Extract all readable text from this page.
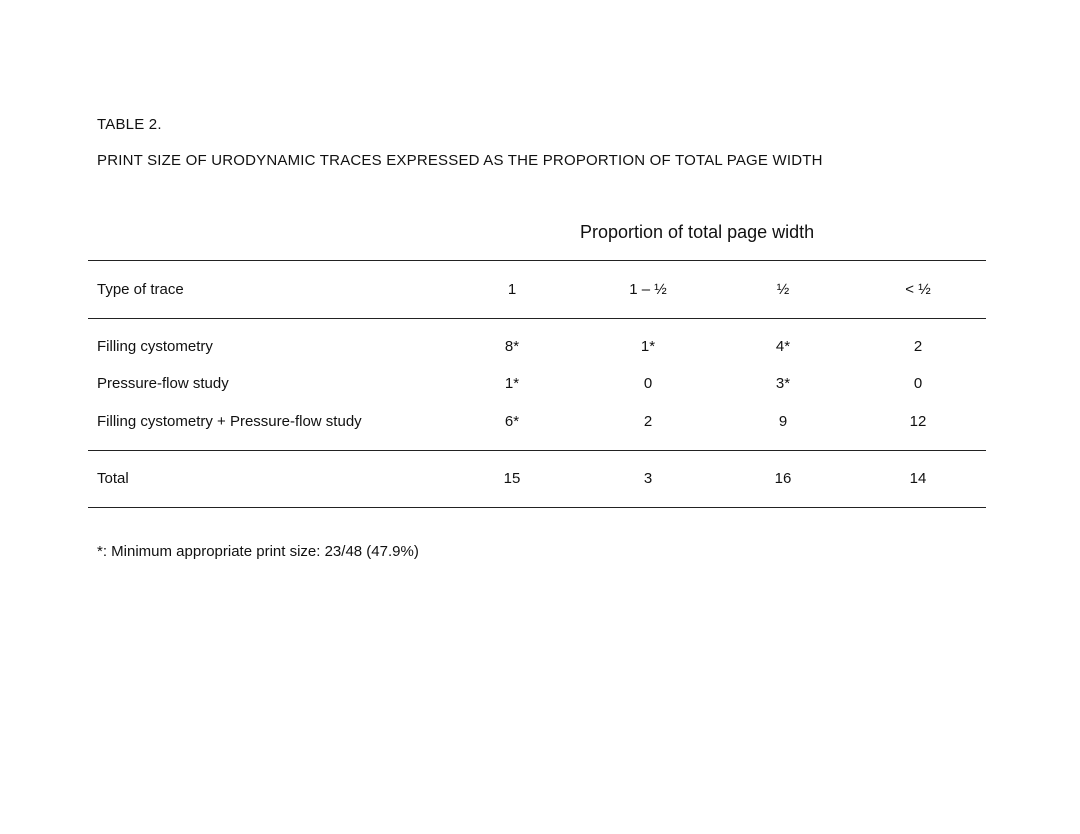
TABLE 2.
PRINT SIZE OF URODYNAMIC TRACES EXPRESSED AS THE PROPORTION OF TOTAL PAGE WIDTH
Proportion of total page width
Type of trace	1	1 – ½	½	< ½
Filling cystometry	8*	1*	4*	2
Pressure-flow study	1*	0	3*	0
Filling cystometry + Pressure-flow study	6*	2	9	12
Total	15	3	16	14
*: Minimum appropriate print size: 23/48 (47.9%)
